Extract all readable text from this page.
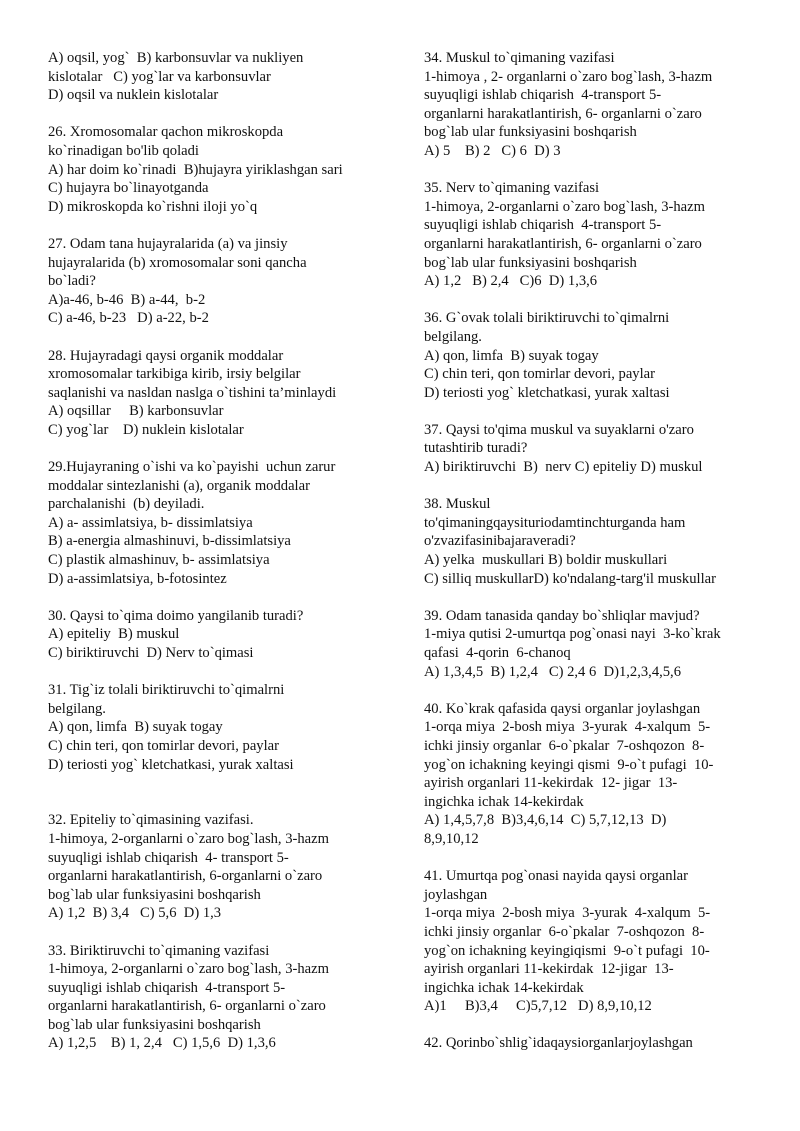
A) oqsil, yog`  B) karbonsuvlar va nukliyen
kislotalar   C) yog`lar va karbonsuvlar
D) oqsil va nuklein kislotalar
26. Xromosomalar qachon mikroskopda
ko`rinadigan bo'lib qoladi
A) har doim ko`rinadi  B)hujayra yiriklashgan sari
C) hujayra bo`linayotganda
D) mikroskopda ko`rishni iloji yo`q
27. Odam tana hujayralarida (a) va jinsiy
hujayralarida (b) xromosomalar soni qancha
bo`ladi?
A)a-46, b-46  B) a-44,  b-2
C) a-46, b-23   D) a-22, b-2
28. Hujayradagi qaysi organik moddalar
xromosomalar tarkibiga kirib, irsiy belgilar
saqlanishi va nasldan naslga o`tishini ta’minlaydi
A) oqsillar     B) karbonsuvlar
C) yog`lar    D) nuklein kislotalar
29.Hujayraning o`ishi va ko`payishi  uchun zarur
moddalar sintezlanishi (a), organik moddalar
parchalanishi  (b) deyiladi.
A) a- assimlatsiya, b- dissimlatsiya
B) a-energia almashinuvi, b-dissimlatsiya
C) plastik almashinuv, b- assimlatsiya
D) a-assimlatsiya, b-fotosintez
30. Qaysi to`qima doimo yangilanib turadi?
A) epiteliy  B) muskul
C) biriktiruvchi  D) Nerv to`qimasi
31. Tig`iz tolali biriktiruvchi to`qimalrni
belgilang.
A) qon, limfa  B) suyak togay
C) chin teri, qon tomirlar devori, paylar
D) teriosti yog` kletchatkasi, yurak xaltasi
32. Epiteliy to`qimasining vazifasi.
1-himoya, 2-organlarni o`zaro bog`lash, 3-hazm
suyuqligi ishlab chiqarish  4- transport 5-
organlarni harakatlantirish, 6-organlarni o`zaro
bog`lab ular funksiyasini boshqarish
A) 1,2  B) 3,4   C) 5,6  D) 1,3
33. Biriktiruvchi to`qimaning vazifasi
1-himoya, 2-organlarni o`zaro bog`lash, 3-hazm
suyuqligi ishlab chiqarish  4-transport 5-
organlarni harakatlantirish, 6- organlarni o`zaro
bog`lab ular funksiyasini boshqarish
A) 1,2,5    B) 1, 2,4   C) 1,5,6  D) 1,3,6
34. Muskul to`qimaning vazifasi
1-himoya , 2- organlarni o`zaro bog`lash, 3-hazm
suyuqligi ishlab chiqarish  4-transport 5-
organlarni harakatlantirish, 6- organlarni o`zaro
bog`lab ular funksiyasini boshqarish
A) 5    B) 2   C) 6  D) 3
35. Nerv to`qimaning vazifasi
1-himoya, 2-organlarni o`zaro bog`lash, 3-hazm
suyuqligi ishlab chiqarish  4-transport 5-
organlarni harakatlantirish, 6- organlarni o`zaro
bog`lab ular funksiyasini boshqarish
A) 1,2   B) 2,4   C)6  D) 1,3,6
36. G`ovak tolali biriktiruvchi to`qimalrni
belgilang.
A) qon, limfa  B) suyak togay
C) chin teri, qon tomirlar devori, paylar
D) teriosti yog` kletchatkasi, yurak xaltasi
37. Qaysi to'qima muskul va suyaklarni o'zaro
tutashtirib turadi?
A) biriktiruvchi  B)  nerv C) epiteliy D) muskul
38. Muskul
to'qimaningqaysituriodamtinchturganda ham
o'zvazifasinibajaraveradi?
A) yelka  muskullari B) boldir muskullari
C) silliq muskullarD) ko'ndalang-targ'il muskullar
39. Odam tanasida qanday bo`shliqlar mavjud?
1-miya qutisi 2-umurtqa pog`onasi nayi  3-ko`krak
qafasi  4-qorin  6-chanoq
A) 1,3,4,5  B) 1,2,4   C) 2,4 6  D)1,2,3,4,5,6
40. Ko`krak qafasida qaysi organlar joylashgan
1-orqa miya  2-bosh miya  3-yurak  4-xalqum  5-
ichki jinsiy organlar  6-o`pkalar  7-oshqozon  8-
yog`on ichakning keyingi qismi  9-o`t pufagi  10-
ayirish organlari 11-kekirdak  12- jigar  13-
ingichka ichak 14-kekirdak
A) 1,4,5,7,8  B)3,4,6,14  C) 5,7,12,13  D)
8,9,10,12
41. Umurtqa pog`onasi nayida qaysi organlar
joylashgan
1-orqa miya  2-bosh miya  3-yurak  4-xalqum  5-
ichki jinsiy organlar  6-o`pkalar  7-oshqozon  8-
yog`on ichakning keyingiqismi  9-o`t pufagi  10-
ayirish organlari 11-kekirdak  12-jigar  13-
ingichka ichak 14-kekirdak
A)1     B)3,4     C)5,7,12   D) 8,9,10,12
42. Qorinbo`shlig`idaqaysiorganlarjoylashgan
